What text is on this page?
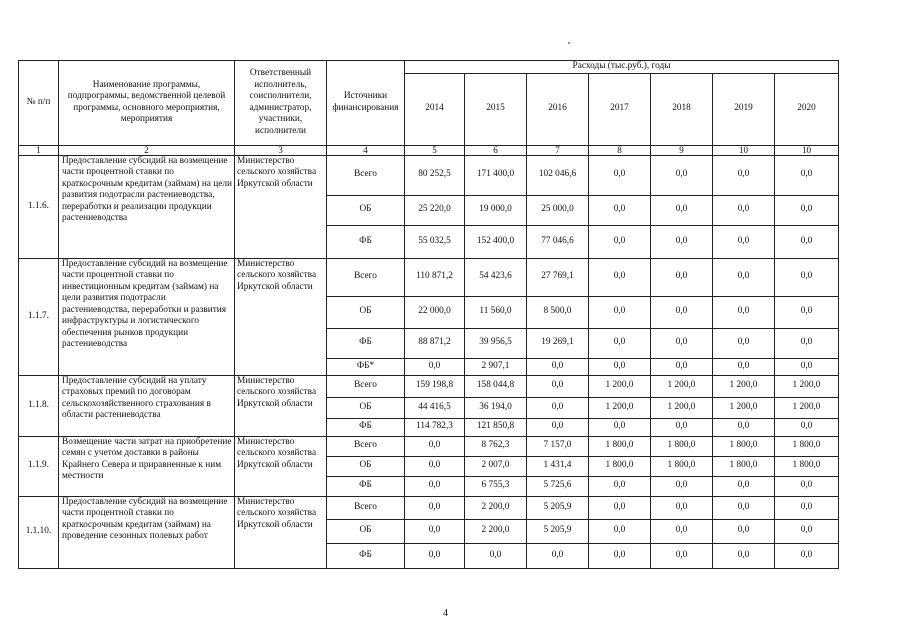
№ п/п	Наименование программы, подпрограммы, ведомственной целевой программы, основного мероприятия, мероприятия	Ответственный исполнитель, соисполнители, администратор, участники, исполнители	Источники финансирования	Расходы (тыс.руб.), годы						
				2014	2015	2016	2017	2018	2019	2020
1	2	3	4	5	6	7	8	9	10	10
1.1.6.	Предоставление субсидий на возмещение части процентной ставки по краткосрочным кредитам (займам) на цели развития подотрасли растениеводства, переработки и реализации продукции растениеводства	Министерство сельского хозяйства Иркутской области	Всего	80 252,5	171 400,0	102 046,6	0,0	0,0	0,0	0,0
			ОБ	25 220,0	19 000,0	25 000,0	0,0	0,0	0,0	0,0
			ФБ	55 032,5	152 400,0	77 046,6	0,0	0,0	0,0	0,0
1.1.7.	Предоставление субсидий на возмещение части процентной ставки по инвестиционным кредитам (займам) на цели развития подотрасли растениеводства, переработки и развития инфраструктуры и логистического обеспечения рынков продукции растениеводства	Министерство сельского хозяйства Иркутской области	Всего	110 871,2	54 423,6	27 769,1	0,0	0,0	0,0	0,0
			ОБ	22 000,0	11 560,0	8 500,0	0,0	0,0	0,0	0,0
			ФБ	88 871,2	39 956,5	19 269,1	0,0	0,0	0,0	0,0
			ФБ*	0,0	2 907,1	0,0	0,0	0,0	0,0	0,0
1.1.8.	Предоставление субсидий на уплату страховых премий по договорам сельскохозяйственного страхования в области растениеводства	Министерство сельского хозяйства Иркутской области	Всего	159 198,8	158 044,8	0,0	1 200,0	1 200,0	1 200,0	1 200,0
			ОБ	44 416,5	36 194,0	0,0	1 200,0	1 200,0	1 200,0	1 200,0
			ФБ	114 782,3	121 850,8	0,0	0,0	0,0	0,0	0,0
1.1.9.	Возмещение части затрат на приобретение семян с учетом доставки в районы Крайнего Севера и приравненные к ним местности	Министерство сельского хозяйства Иркутской области	Всего	0,0	8 762,3	7 157,0	1 800,0	1 800,0	1 800,0	1 800,0
			ОБ	0,0	2 007,0	1 431,4	1 800,0	1 800,0	1 800,0	1 800,0
			ФБ	0,0	6 755,3	5 725,6	0,0	0,0	0,0	0,0
1.1.10.	Предоставление субсидий на возмещение части процентной ставки по краткосрочным кредитам (займам) на проведение сезонных полевых работ	Министерство сельского хозяйства Иркутской области	Всего	0,0	2 200,0	5 205,9	0,0	0,0	0,0	0,0
			ОБ	0,0	2 200,0	5 205,9	0,0	0,0	0,0	0,0
			ФБ	0,0	0,0	0,0	0,0	0,0	0,0	0,0
4
